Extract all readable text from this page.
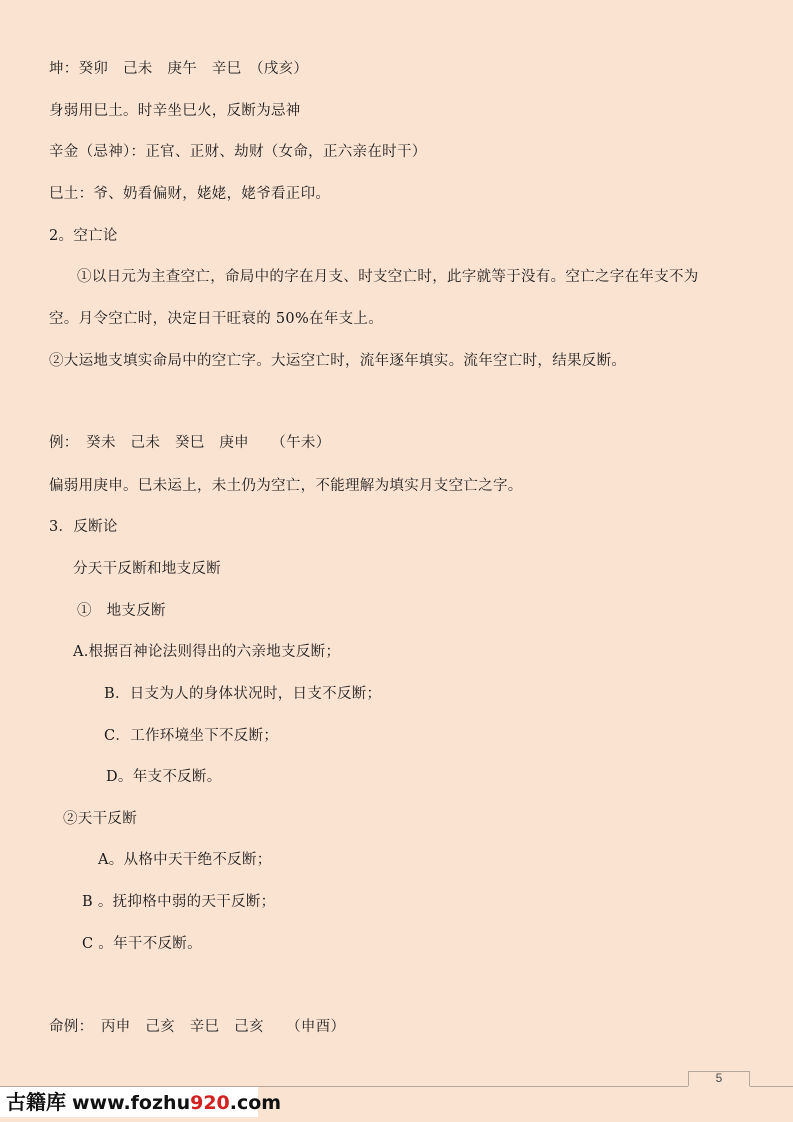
坤：癸卯　己未　庚午　辛巳　（戌亥）
身弱用巳土。时辛坐巳火，反断为忌神
辛金（忌神）：正官、正财、劫财（女命，正六亲在时干）
巳土：爷、奶看偏财，姥姥，姥爷看正印。
2。空亡论
①以日元为主查空亡，命局中的字在月支、时支空亡时，此字就等于没有。空亡之字在年支不为
空。月令空亡时，决定日干旺衰的 50%在年支上。
②大运地支填实命局中的空亡字。大运空亡时，流年逐年填实。流年空亡时，结果反断。
例：　癸未　己未　癸巳　庚申　　（午未）
偏弱用庚申。巳未运上，未土仍为空亡，不能理解为填实月支空亡之字。
3．反断论
分天干反断和地支反断
①　地支反断
A.根据百神论法则得出的六亲地支反断；
B．日支为人的身体状况时，日支不反断；
C．工作环境坐下不反断；
D。年支不反断。
②天干反断
A。从格中天干绝不反断；
B 。抚抑格中弱的天干反断；
C 。年干不反断。
命例：　丙申　己亥　辛巳　己亥　　（申酉）
5
古籍库 www.fozhu920.com
